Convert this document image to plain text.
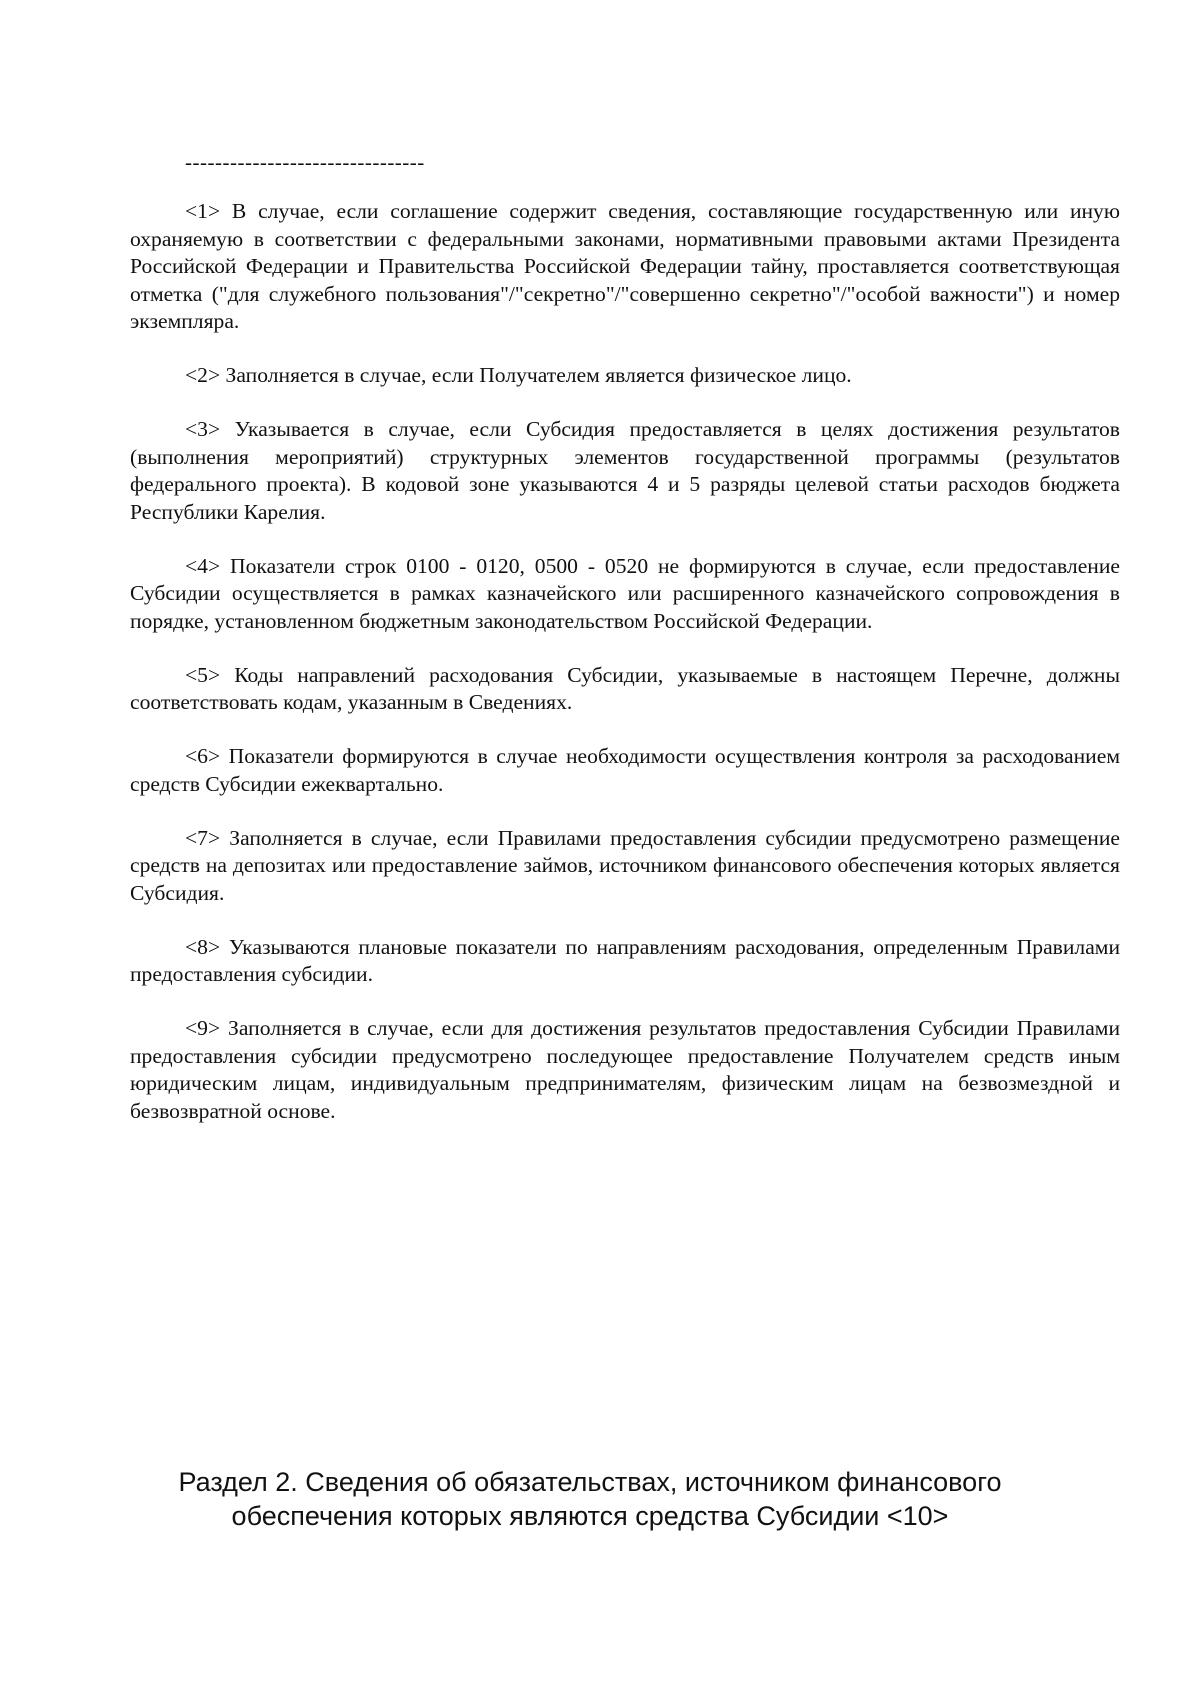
--------------------------------

<1> В случае, если соглашение содержит сведения, составляющие государственную или иную охраняемую в соответствии с федеральными законами, нормативными правовыми актами Президента Российской Федерации и Правительства Российской Федерации тайну, проставляется соответствующая отметка ("для служебного пользования"/"секретно"/"совершенно секретно"/"особой важности") и номер экземпляра.

<2> Заполняется в случае, если Получателем является физическое лицо.

<3> Указывается в случае, если Субсидия предоставляется в целях достижения результатов (выполнения мероприятий) структурных элементов государственной программы (результатов федерального проекта). В кодовой зоне указываются 4 и 5 разряды целевой статьи расходов бюджета Республики Карелия.

<4> Показатели строк 0100 - 0120, 0500 - 0520 не формируются в случае, если предоставление Субсидии осуществляется в рамках казначейского или расширенного казначейского сопровождения в порядке, установленном бюджетным законодательством Российской Федерации.

<5> Коды направлений расходования Субсидии, указываемые в настоящем Перечне, должны соответствовать кодам, указанным в Сведениях.

<6> Показатели формируются в случае необходимости осуществления контроля за расходованием средств Субсидии ежеквартально.

<7> Заполняется в случае, если Правилами предоставления субсидии предусмотрено размещение средств на депозитах или предоставление займов, источником финансового обеспечения которых является Субсидия.

<8> Указываются плановые показатели по направлениям расходования, определенным Правилами предоставления субсидии.

<9> Заполняется в случае, если для достижения результатов предоставления Субсидии Правилами предоставления субсидии предусмотрено последующее предоставление Получателем средств иным юридическим лицам, индивидуальным предпринимателям, физическим лицам на безвозмездной и безвозвратной основе.

Раздел 2. Сведения об обязательствах, источником финансового
обеспечения которых являются средства Субсидии <10>
